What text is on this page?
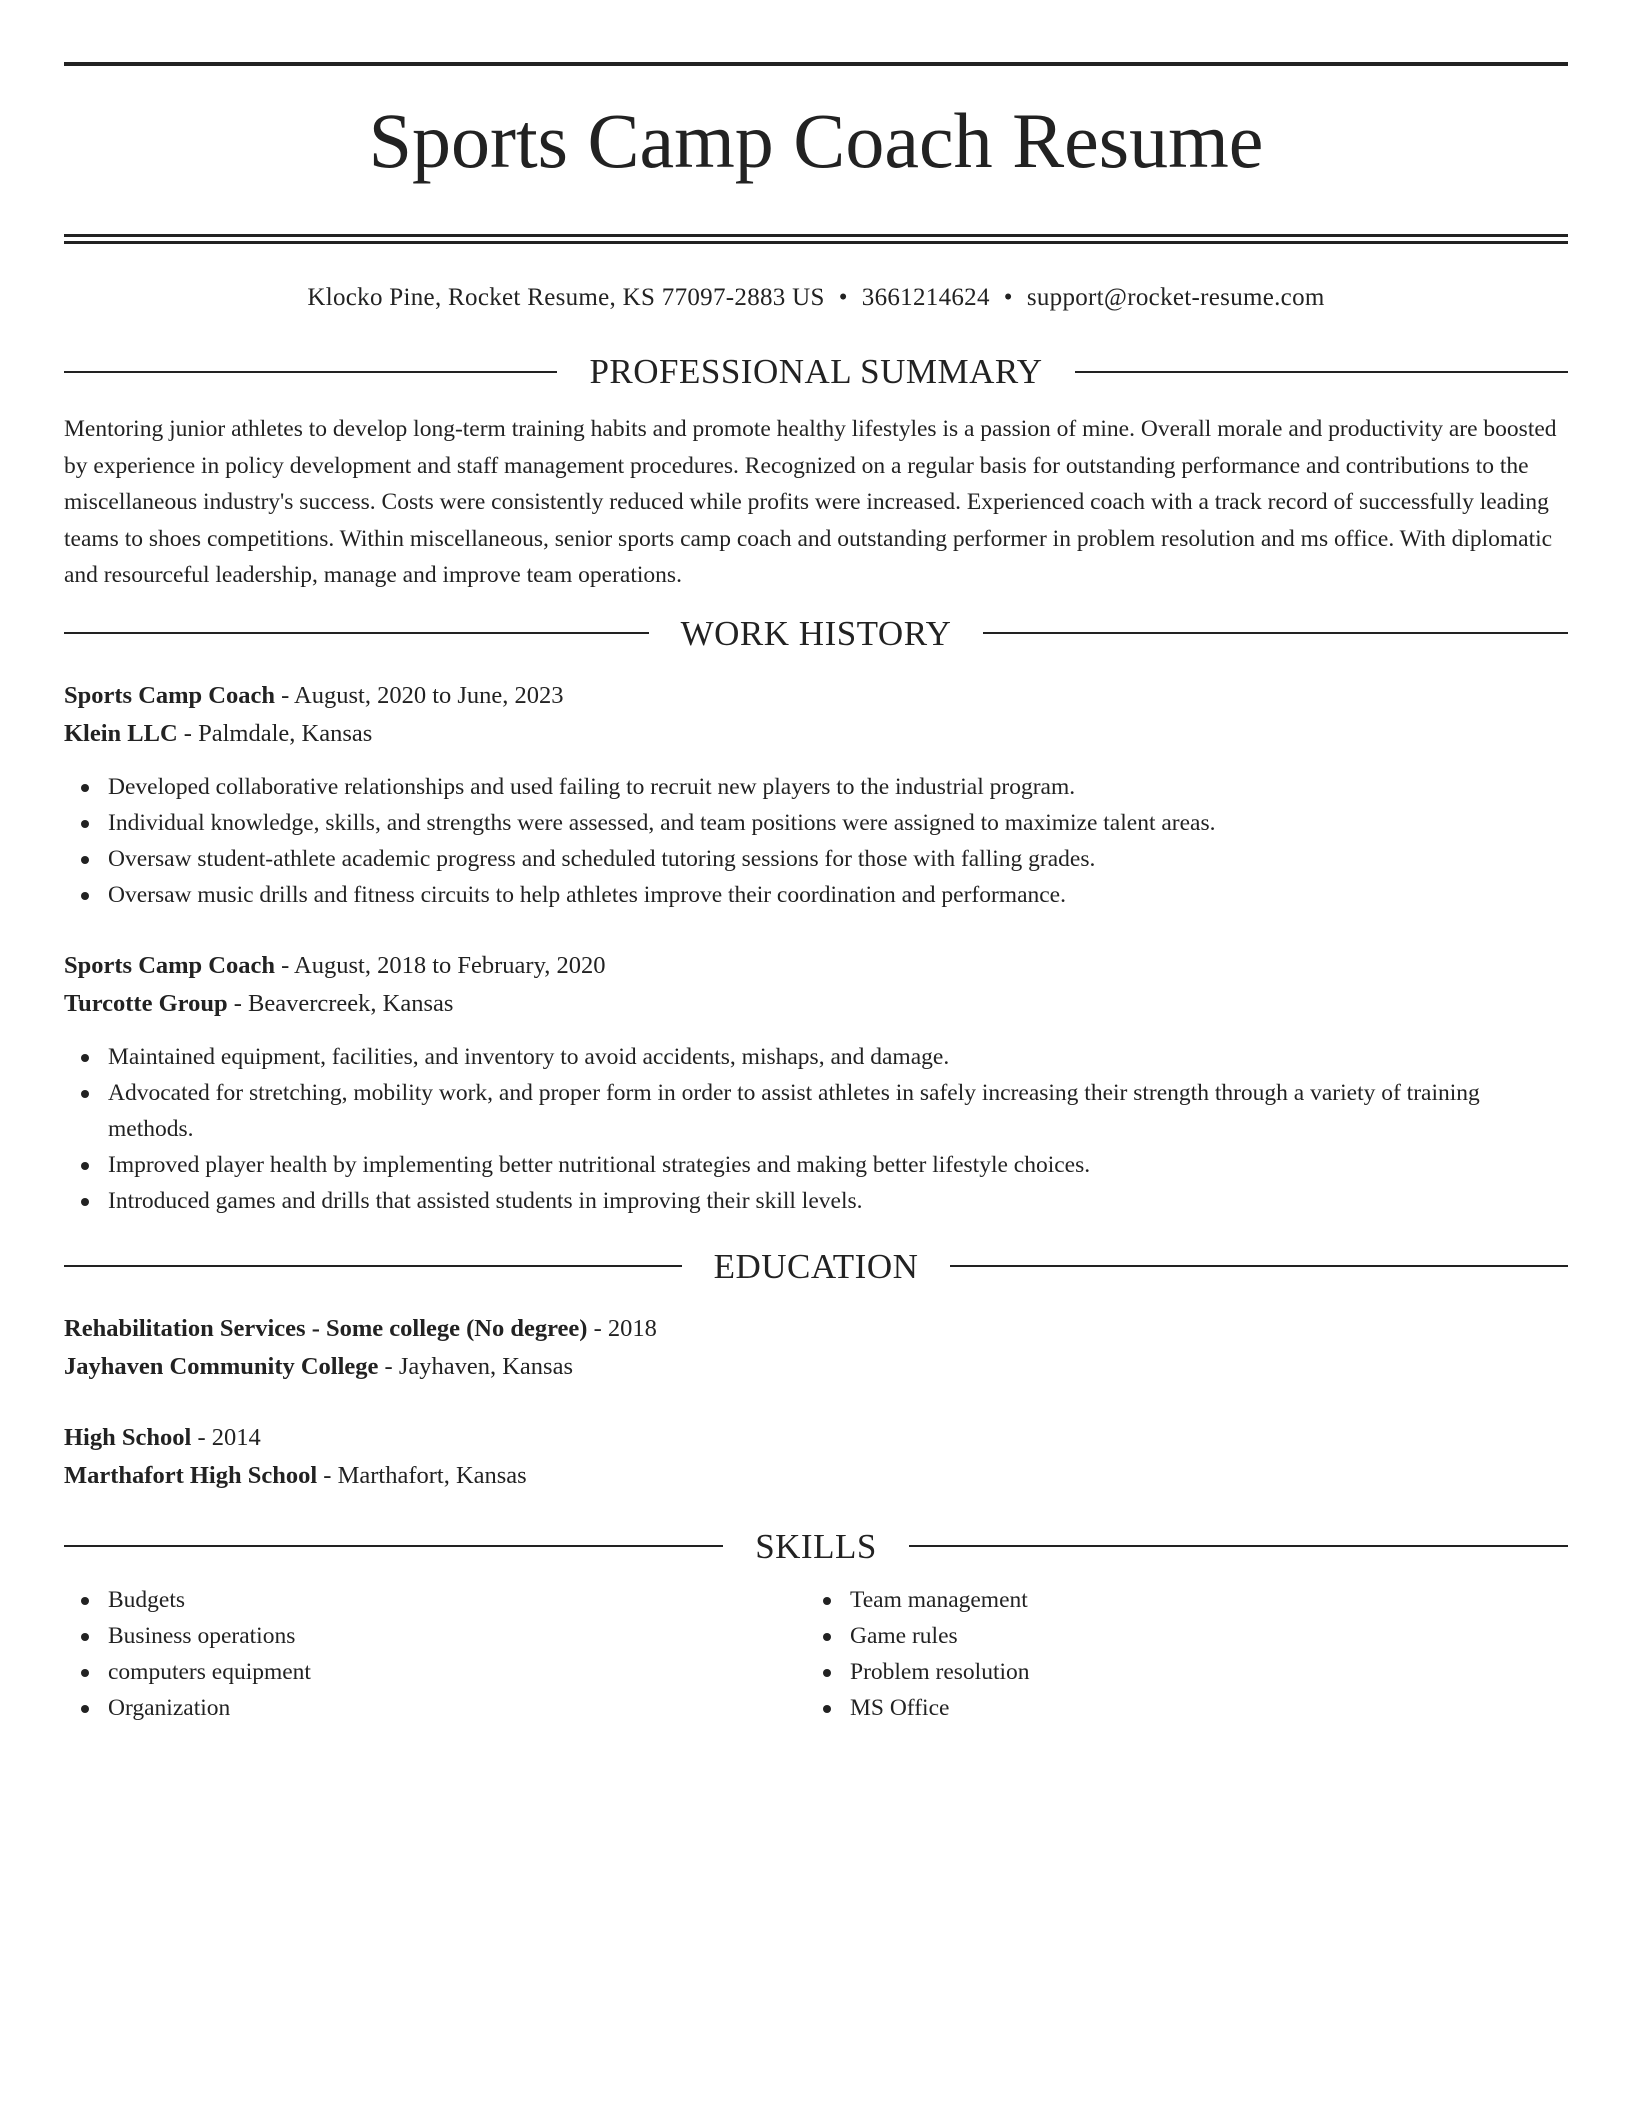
Sports Camp Coach Resume
Klocko Pine, Rocket Resume, KS 77097-2883 US • 3661214624 • support@rocket-resume.com
PROFESSIONAL SUMMARY

Mentoring junior athletes to develop long-term training habits and promote healthy lifestyles is a passion of mine. Overall morale and productivity are boosted by experience in policy development and staff management procedures. Recognized on a regular basis for outstanding performance and contributions to the miscellaneous industry's success. Costs were consistently reduced while profits were increased. Experienced coach with a track record of successfully leading teams to shoes competitions. Within miscellaneous, senior sports camp coach and outstanding performer in problem resolution and ms office. With diplomatic and resourceful leadership, manage and improve team operations.

WORK HISTORY
Sports Camp Coach - August, 2020 to June, 2023
Klein LLC - Palmdale, Kansas
Developed collaborative relationships and used failing to recruit new players to the industrial program.
Individual knowledge, skills, and strengths were assessed, and team positions were assigned to maximize talent areas.
Oversaw student-athlete academic progress and scheduled tutoring sessions for those with falling grades.
Oversaw music drills and fitness circuits to help athletes improve their coordination and performance.
Sports Camp Coach - August, 2018 to February, 2020
Turcotte Group - Beavercreek, Kansas
Maintained equipment, facilities, and inventory to avoid accidents, mishaps, and damage.
Advocated for stretching, mobility work, and proper form in order to assist athletes in safely increasing their strength through a variety of training methods.
Improved player health by implementing better nutritional strategies and making better lifestyle choices.
Introduced games and drills that assisted students in improving their skill levels.
EDUCATION
Rehabilitation Services - Some college (No degree) - 2018
Jayhaven Community College - Jayhaven, Kansas
High School - 2014
Marthafort High School - Marthafort, Kansas
SKILLS
Budgets
Business operations
computers equipment
Organization
Team management
Game rules
Problem resolution
MS Office
